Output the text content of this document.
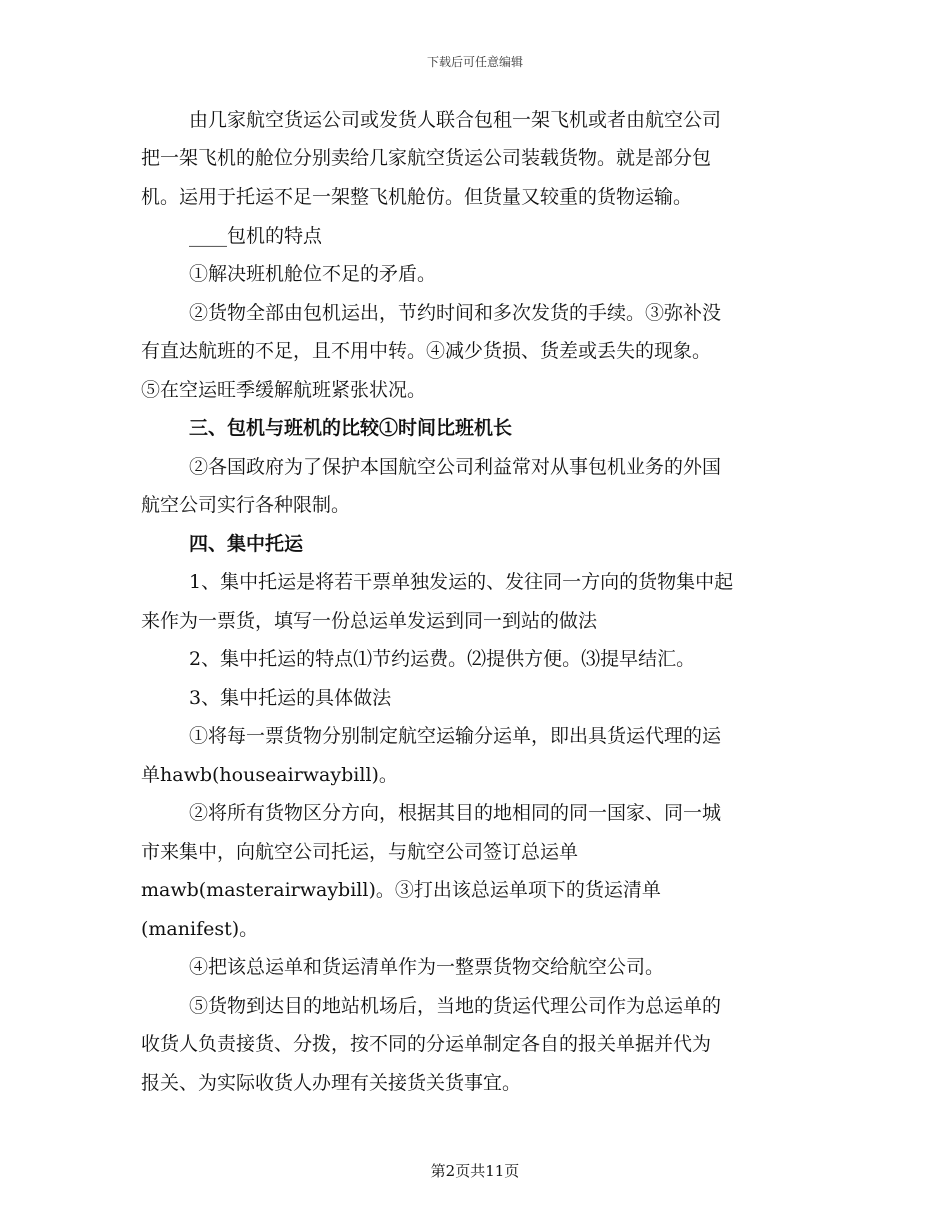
下载后可任意编辑
由几家航空货运公司或发货人联合包租一架飞机或者由航空公司
把一架飞机的舱位分别卖给几家航空货运公司装载货物。就是部分包
机。运用于托运不足一架整飞机舱仿。但货量又较重的货物运输。
____包机的特点
①解决班机舱位不足的矛盾。
②货物全部由包机运出，节约时间和多次发货的手续。③弥补没
有直达航班的不足，且不用中转。④减少货损、货差或丢失的现象。
⑤在空运旺季缓解航班紧张状况。
三、包机与班机的比较①时间比班机长
②各国政府为了保护本国航空公司利益常对从事包机业务的外国
航空公司实行各种限制。
四、集中托运
1、集中托运是将若干票单独发运的、发往同一方向的货物集中起
来作为一票货，填写一份总运单发运到同一到站的做法
2、集中托运的特点⑴节约运费。⑵提供方便。⑶提早结汇。
3、集中托运的具体做法
①将每一票货物分别制定航空运输分运单，即出具货运代理的运
单hawb(houseairwaybill)。
②将所有货物区分方向，根据其目的地相同的同一国家、同一城
市来集中，向航空公司托运，与航空公司签订总运单
mawb(masterairwaybill)。③打出该总运单项下的货运清单
(manifest)。
④把该总运单和货运清单作为一整票货物交给航空公司。
⑤货物到达目的地站机场后，当地的货运代理公司作为总运单的
收货人负责接货、分拨，按不同的分运单制定各自的报关单据并代为
报关、为实际收货人办理有关接货关货事宜。
第2页共11页
